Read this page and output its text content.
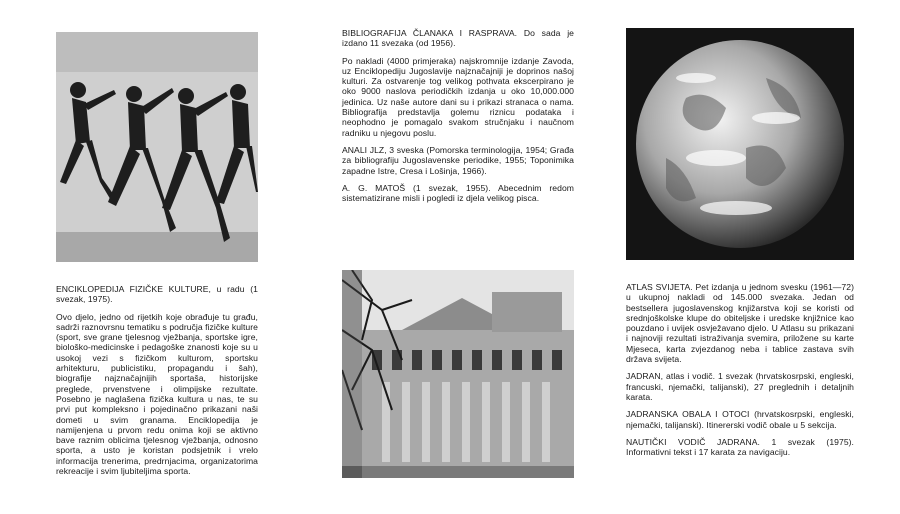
ENCIKLOPEDIJA FIZIČKE KULTURE, u radu (1 svezak, 1975).

Ovo djelo, jedno od rijetkih koje obrađuje tu građu, sadrži raznovrsnu tematiku s područja fizičke kulture (sport, sve grane tjelesnog vježbanja, sportske igre, biološko-medicinske i pedagoške znanosti koje su u usokoj vezi s fizičkom kulturom, sportsku arhitekturu, publicistiku, propagandu i šah), biografije najznačajnijih sportaša, historijske preglede, prvenstvene i olimpijske rezultate. Posebno je naglašena fizička kultura u nas, te su prvi put kompleksno i pojedinačno prikazani naši dometi u svim granama. Enciklopedija je namijenjena u prvom redu onima koji se aktivno bave raznim oblicima tjelesnog vježbanja, odnosno sporta, a usto je koristan podsjetnik i vrelo informacija trenerima, predrnjacima, organizatorima rekreacije i svim ljubiteljima sporta.

BIBLIOGRAFIJA ČLANAKA I RASPRAVA. Do sada je izdano 11 svezaka (od 1956).

Po nakladi (4000 primjeraka) najskromnije izdanje Zavoda, uz Enciklopediju Jugoslavije najznačajniji je doprinos našoj kulturi. Za ostvarenje tog velikog pothvata ekscerpirano je oko 9000 naslova periodičkih izdanja u oko 10,000.000 jedinica. Uz naše autore dani su i prikazi stranaca o nama. Bibliografija predstavlja golemu riznicu podataka i neophodno je pomagalo svakom stručnjaku i naučnom radniku u njegovu poslu.

ANALI JLZ, 3 sveska (Pomorska terminologija, 1954; Građa za bibliografiju Jugoslavenske periodike, 1955; Toponimika zapadne Istre, Cresa i Lošinja, 1966).

A. G. MATOŠ (1 svezak, 1955). Abecednim redom sistematizirane misli i pogledi iz djela velikog pisca.

ATLAS SVIJETA. Pet izdanja u jednom svesku (1961—72) u ukupnoj nakladi od 145.000 svezaka. Jedan od bestsellera jugoslavenskog knjižarstva koji se koristi od srednjoškolske klupe do obiteljske i uredske knjižnice kao pouzdano i uvijek osvježavano djelo. U Atlasu su prikazani i najnoviji rezultati istraživanja svemira, priložene su karte Mjeseca, karta zvjezdanog neba i tablice zastava svih država svijeta.

JADRAN, atlas i vodič. 1 svezak (hrvatskosrpski, engleski, francuski, njemački, talijanski), 27 preglednih i detaljnih karata.

JADRANSKA OBALA I OTOCI (hrvatskosrpski, engleski, njemački, talijanski). Itinererski vodič obale u 5 sekcija.

NAUTIČKI VODIČ JADRANA. 1 svezak (1975). Informativni tekst i 17 karata za navigaciju.
